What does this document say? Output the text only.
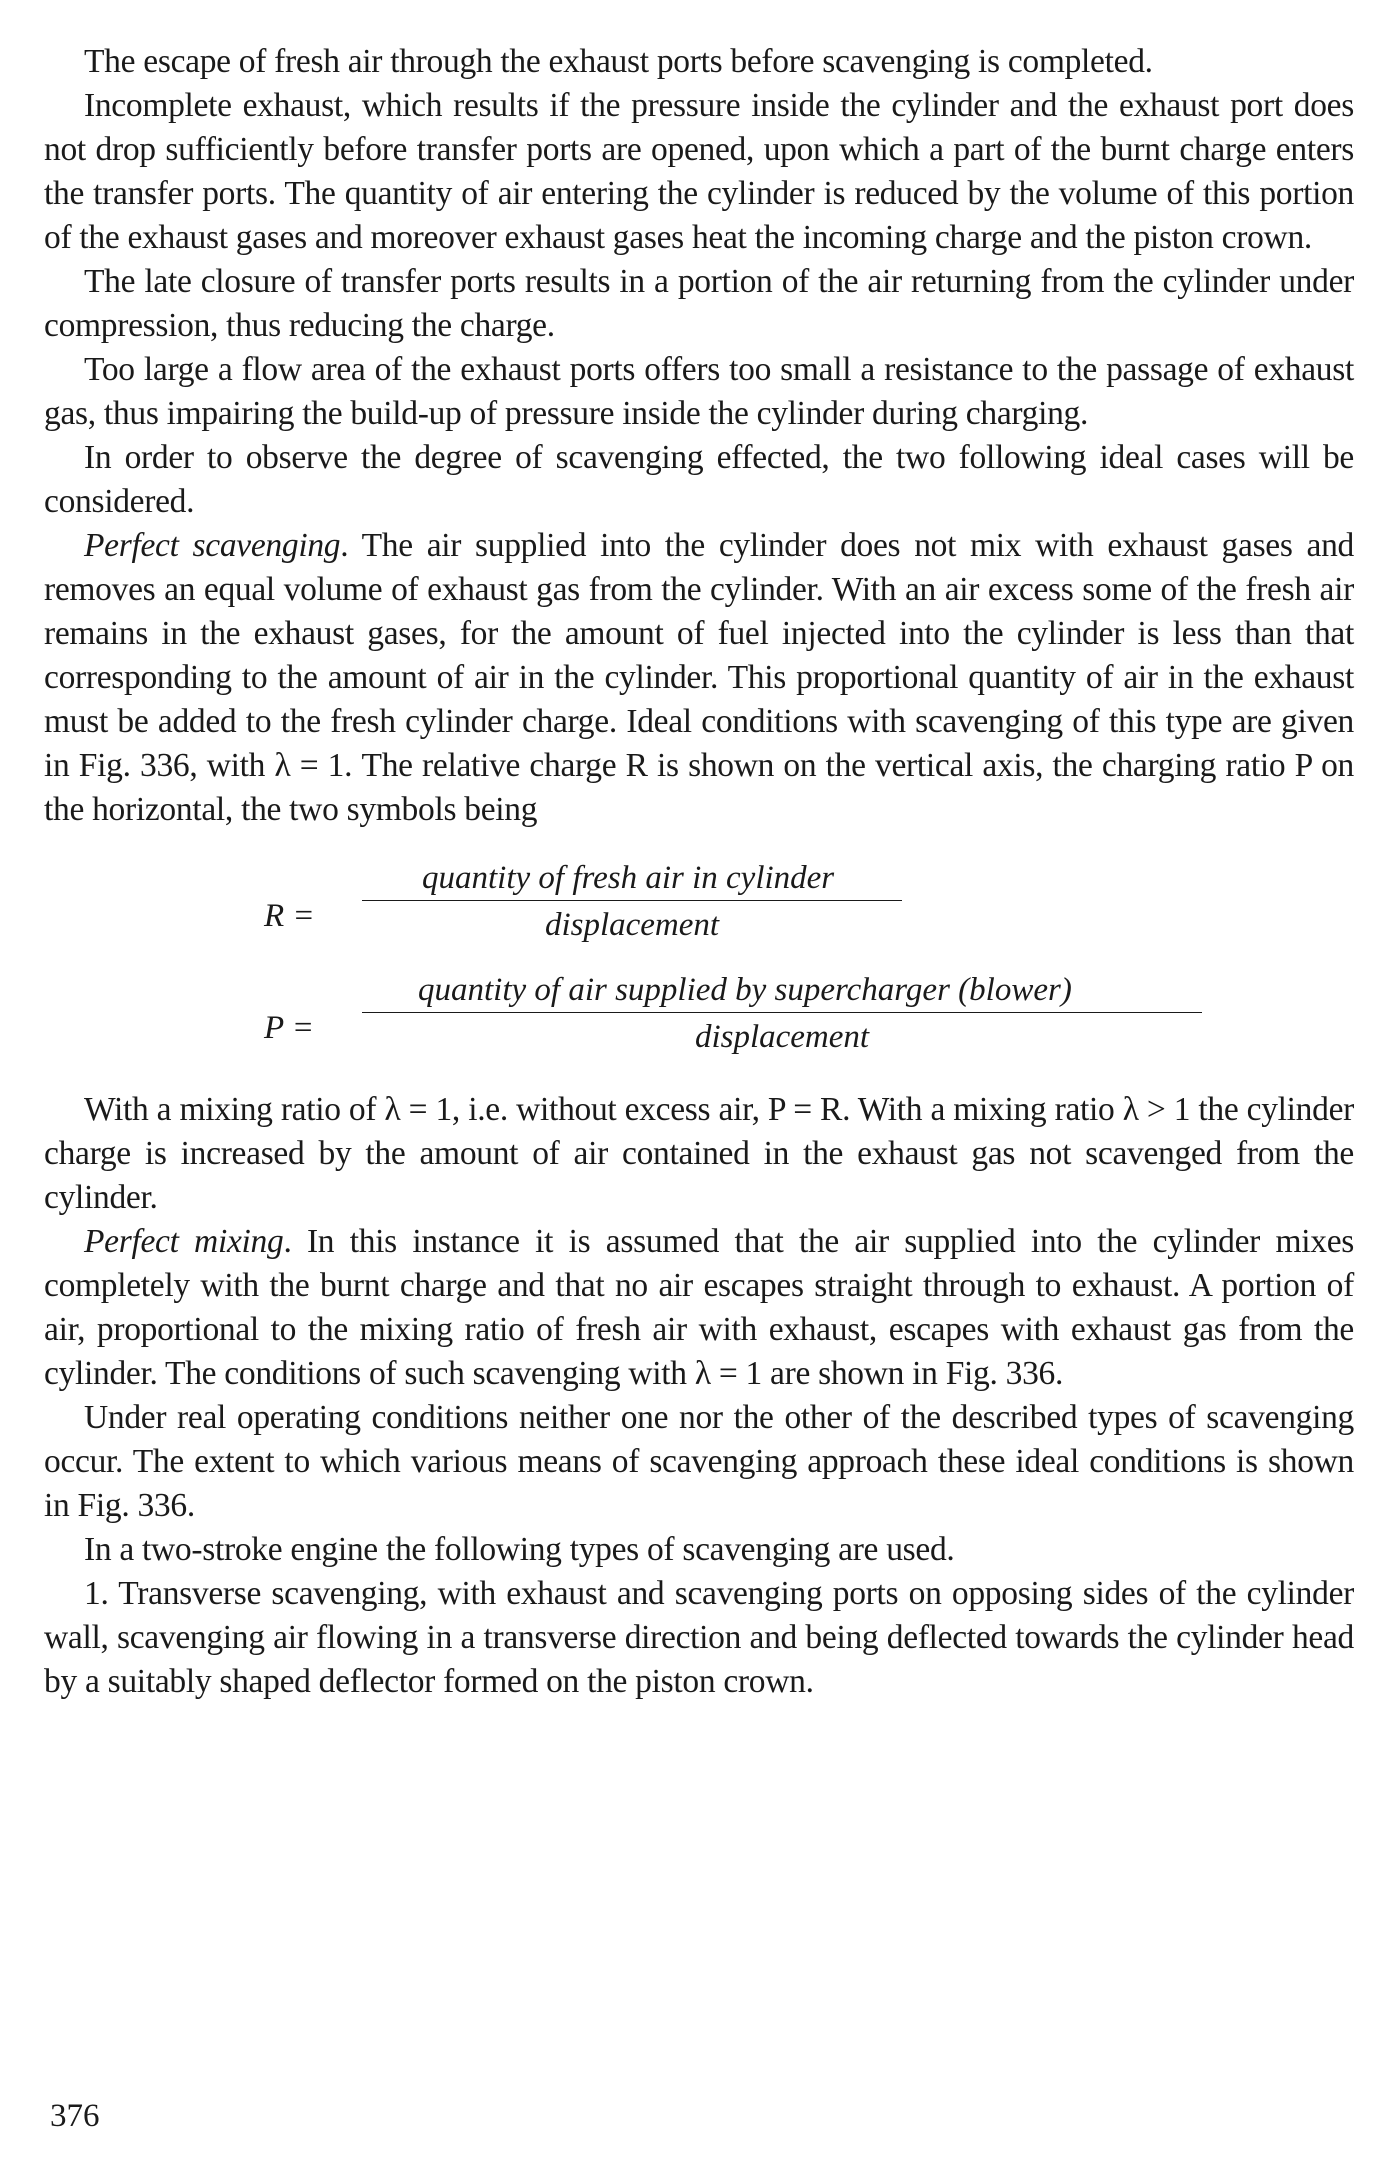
The escape of fresh air through the exhaust ports before scavenging is completed.

Incomplete exhaust, which results if the pressure inside the cylinder and the exhaust port does not drop sufficiently before transfer ports are opened, upon which a part of the burnt charge enters the transfer ports. The quantity of air entering the cylinder is reduced by the volume of this portion of the exhaust gases and moreover exhaust gases heat the incoming charge and the piston crown.

The late closure of transfer ports results in a portion of the air returning from the cylinder under compression, thus reducing the charge.

Too large a flow area of the exhaust ports offers too small a resistance to the passage of exhaust gas, thus impairing the build-up of pressure inside the cylinder during charging.

In order to observe the degree of scavenging effected, the two following ideal cases will be considered.

Perfect scavenging. The air supplied into the cylinder does not mix with exhaust gases and removes an equal volume of exhaust gas from the cylinder. With an air excess some of the fresh air remains in the exhaust gases, for the amount of fuel injected into the cylinder is less than that corresponding to the amount of air in the cylinder. This proportional quantity of air in the exhaust must be added to the fresh cylinder charge. Ideal conditions with scavenging of this type are given in Fig. 336, with λ = 1. The relative charge R is shown on the vertical axis, the charging ratio P on the horizontal, the two symbols being

R =
quantity of fresh air in cylinder
displacement
P =
quantity of air supplied by supercharger (blower)
displacement

With a mixing ratio of λ = 1, i.e. without excess air, P = R. With a mixing ratio λ > 1 the cylinder charge is increased by the amount of air contained in the exhaust gas not scavenged from the cylinder.

Perfect mixing. In this instance it is assumed that the air supplied into the cylinder mixes completely with the burnt charge and that no air escapes straight through to exhaust. A portion of air, proportional to the mixing ratio of fresh air with exhaust, escapes with exhaust gas from the cylinder. The conditions of such scavenging with λ = 1 are shown in Fig. 336.

Under real operating conditions neither one nor the other of the described types of scavenging occur. The extent to which various means of scavenging approach these ideal conditions is shown in Fig. 336.

In a two-stroke engine the following types of scavenging are used.

1. Transverse scavenging, with exhaust and scavenging ports on opposing sides of the cylinder wall, scavenging air flowing in a transverse direction and being deflected towards the cylinder head by a suitably shaped deflector formed on the piston crown.

376
